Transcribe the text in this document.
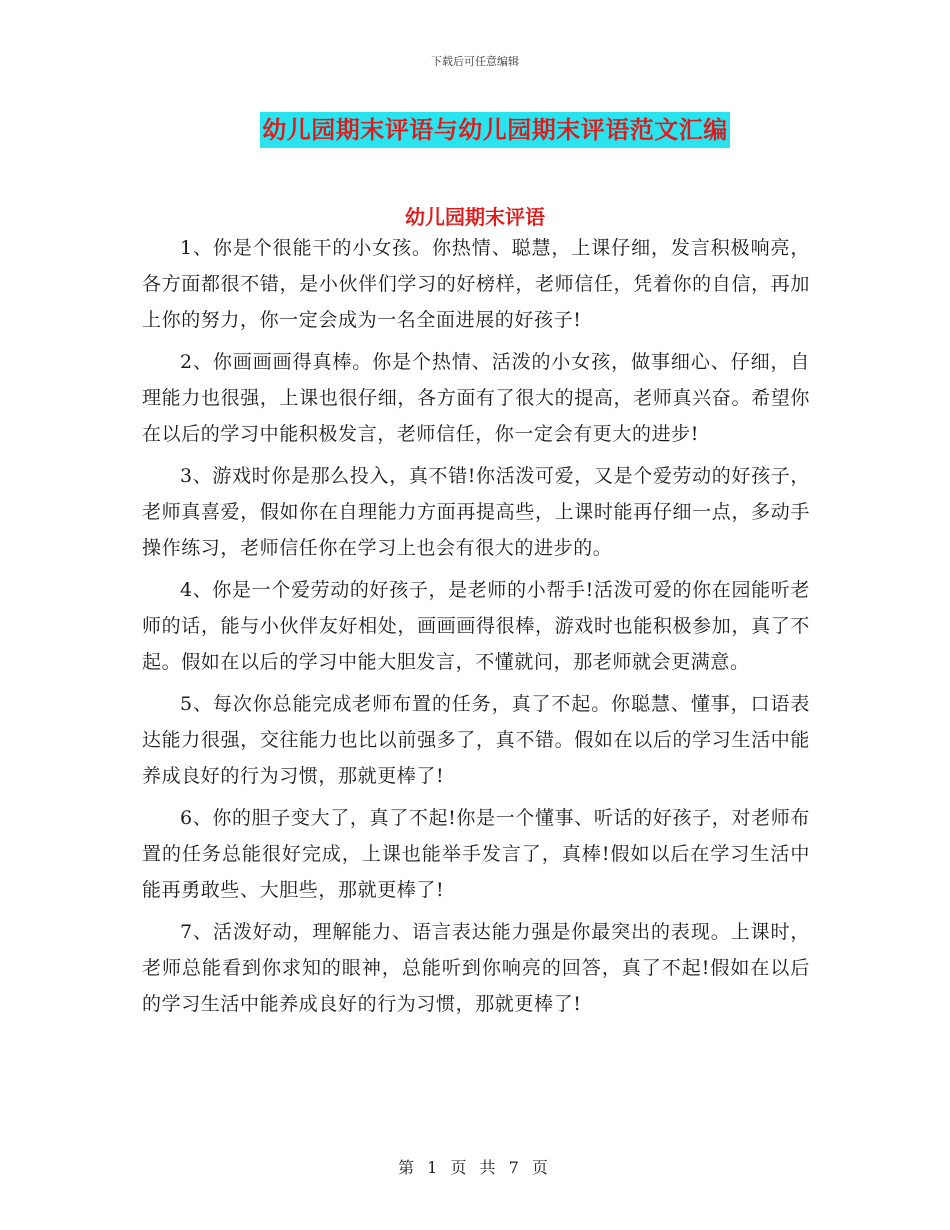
下载后可任意编辑
幼儿园期末评语与幼儿园期末评语范文汇编
幼儿园期末评语

1、你是个很能干的小女孩。你热情、聪慧，上课仔细，发言积极响亮，各方面都很不错，是小伙伴们学习的好榜样，老师信任，凭着你的自信，再加上你的努力，你一定会成为一名全面进展的好孩子!

2、你画画画得真棒。你是个热情、活泼的小女孩，做事细心、仔细，自理能力也很强，上课也很仔细，各方面有了很大的提高，老师真兴奋。希望你在以后的学习中能积极发言，老师信任，你一定会有更大的进步!

3、游戏时你是那么投入，真不错!你活泼可爱，又是个爱劳动的好孩子，老师真喜爱，假如你在自理能力方面再提高些，上课时能再仔细一点，多动手操作练习，老师信任你在学习上也会有很大的进步的。

4、你是一个爱劳动的好孩子，是老师的小帮手!活泼可爱的你在园能听老师的话，能与小伙伴友好相处，画画画得很棒，游戏时也能积极参加，真了不起。假如在以后的学习中能大胆发言，不懂就问，那老师就会更满意。

5、每次你总能完成老师布置的任务，真了不起。你聪慧、懂事，口语表达能力很强，交往能力也比以前强多了，真不错。假如在以后的学习生活中能养成良好的行为习惯，那就更棒了!

6、你的胆子变大了，真了不起!你是一个懂事、听话的好孩子，对老师布置的任务总能很好完成，上课也能举手发言了，真棒!假如以后在学习生活中能再勇敢些、大胆些，那就更棒了!

7、活泼好动，理解能力、语言表达能力强是你最突出的表现。上课时，老师总能看到你求知的眼神，总能听到你响亮的回答，真了不起!假如在以后的学习生活中能养成良好的行为习惯，那就更棒了!

第 1 页 共 7 页
